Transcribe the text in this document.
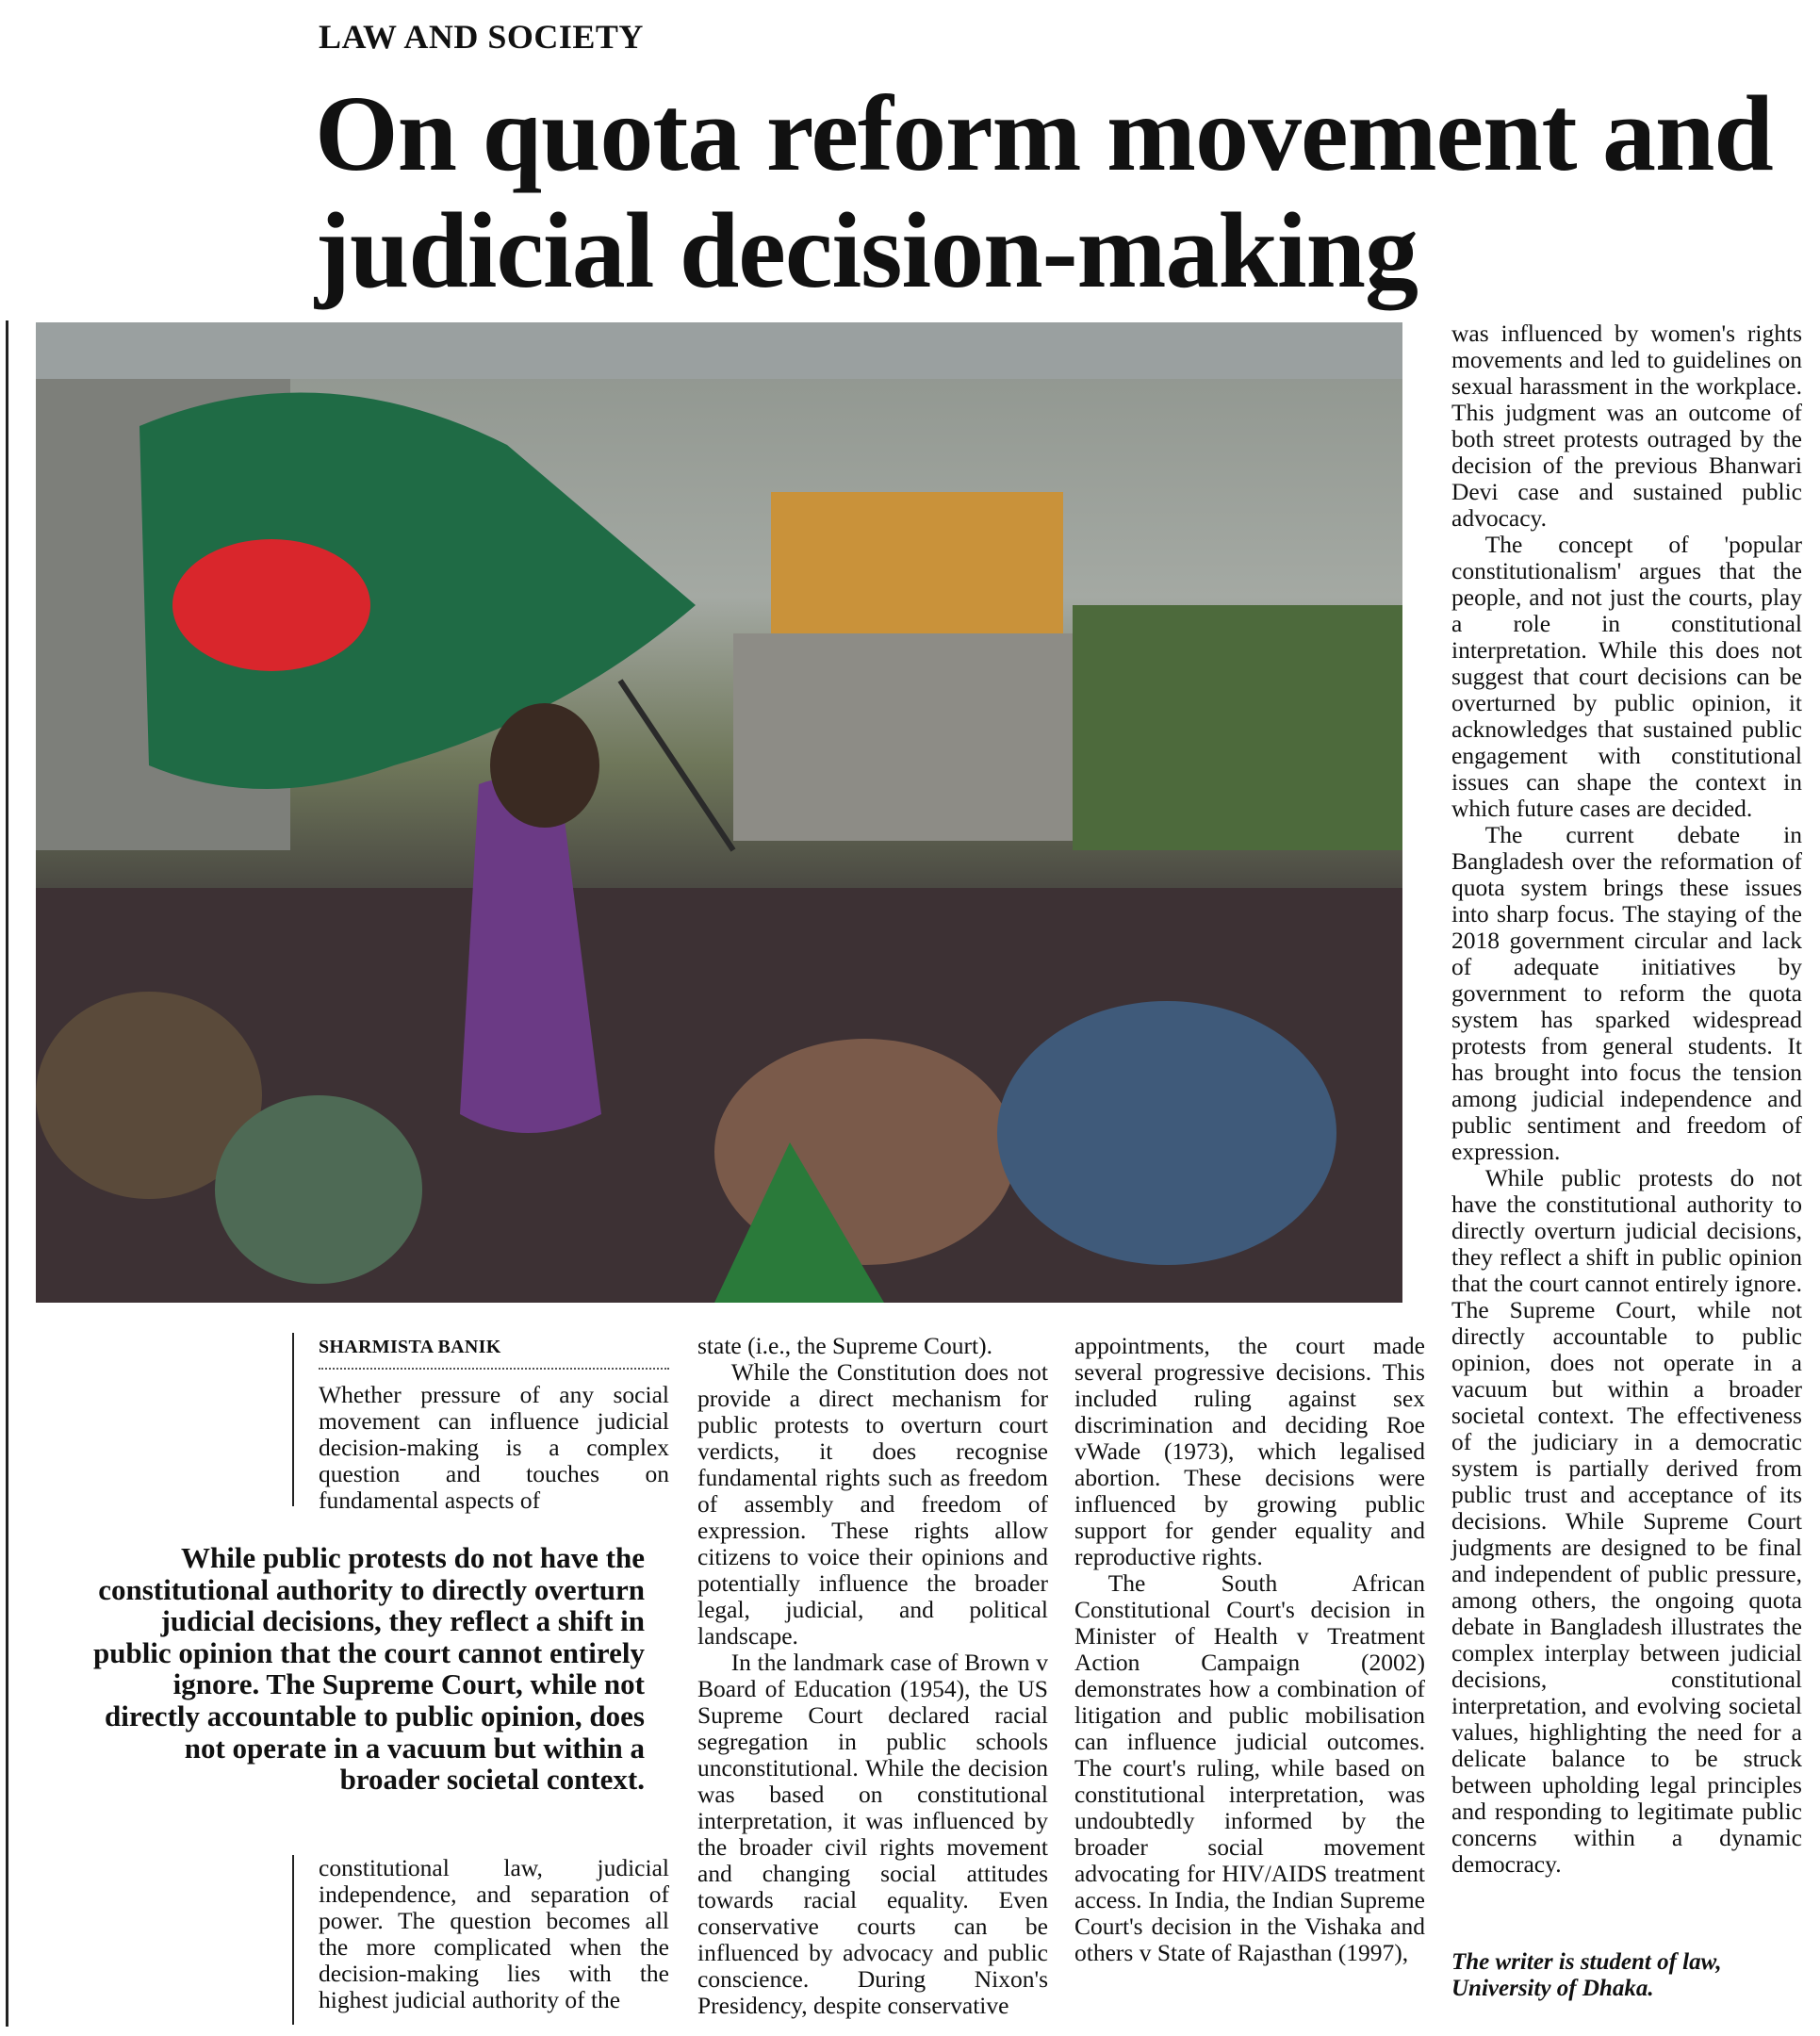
LAW AND SOCIETY
On quota reform movement and judicial decision-making
SHARMISTA BANIK

Whether pressure of any social movement can influence judicial decision-making is a complex question and touches on fundamental aspects of

While public protests do not have the constitutional authority to directly overturn judicial decisions, they reflect a shift in public opinion that the court cannot entirely ignore. The Supreme Court, while not directly accountable to public opinion, does not operate in a vacuum but within a broader societal context.

constitutional law, judicial independence, and separation of power. The question becomes all the more complicated when the decision-making lies with the highest judicial authority of the

state (i.e., the Supreme Court).

While the Constitution does not provide a direct mechanism for public protests to overturn court verdicts, it does recognise fundamental rights such as freedom of assembly and freedom of expression. These rights allow citizens to voice their opinions and potentially influence the broader legal, judicial, and political landscape.

In the landmark case of Brown v Board of Education (1954), the US Supreme Court declared racial segregation in public schools unconstitutional. While the decision was based on constitutional interpretation, it was influenced by the broader civil rights movement and changing social attitudes towards racial equality. Even conservative courts can be influenced by advocacy and public conscience. During Nixon's Presidency, despite conservative

appointments, the court made several progressive decisions. This included ruling against sex discrimination and deciding Roe vWade (1973), which legalised abortion. These decisions were influenced by growing public support for gender equality and reproductive rights.

The South African Constitutional Court's decision in Minister of Health v Treatment Action Campaign (2002) demonstrates how a combination of litigation and public mobilisation can influence judicial outcomes. The court's ruling, while based on constitutional interpretation, was undoubtedly informed by the broader social movement advocating for HIV/AIDS treatment access. In India, the Indian Supreme Court's decision in the Vishaka and others v State of Rajasthan (1997),

was influenced by women's rights movements and led to guidelines on sexual harassment in the workplace. This judgment was an outcome of both street protests outraged by the decision of the previous Bhanwari Devi case and sustained public advocacy.

The concept of 'popular constitutionalism' argues that the people, and not just the courts, play a role in constitutional interpretation. While this does not suggest that court decisions can be overturned by public opinion, it acknowledges that sustained public engagement with constitutional issues can shape the context in which future cases are decided.

The current debate in Bangladesh over the reformation of quota system brings these issues into sharp focus. The staying of the 2018 government circular and lack of adequate initiatives by government to reform the quota system has sparked widespread protests from general students. It has brought into focus the tension among judicial independence and public sentiment and freedom of expression.

While public protests do not have the constitutional authority to directly overturn judicial decisions, they reflect a shift in public opinion that the court cannot entirely ignore. The Supreme Court, while not directly accountable to public opinion, does not operate in a vacuum but within a broader societal context. The effectiveness of the judiciary in a democratic system is partially derived from public trust and acceptance of its decisions. While Supreme Court judgments are designed to be final and independent of public pressure, among others, the ongoing quota debate in Bangladesh illustrates the complex interplay between judicial decisions, constitutional interpretation, and evolving societal values, highlighting the need for a delicate balance to be struck between upholding legal principles and responding to legitimate public concerns within a dynamic democracy.

The writer is student of law, University of Dhaka.
